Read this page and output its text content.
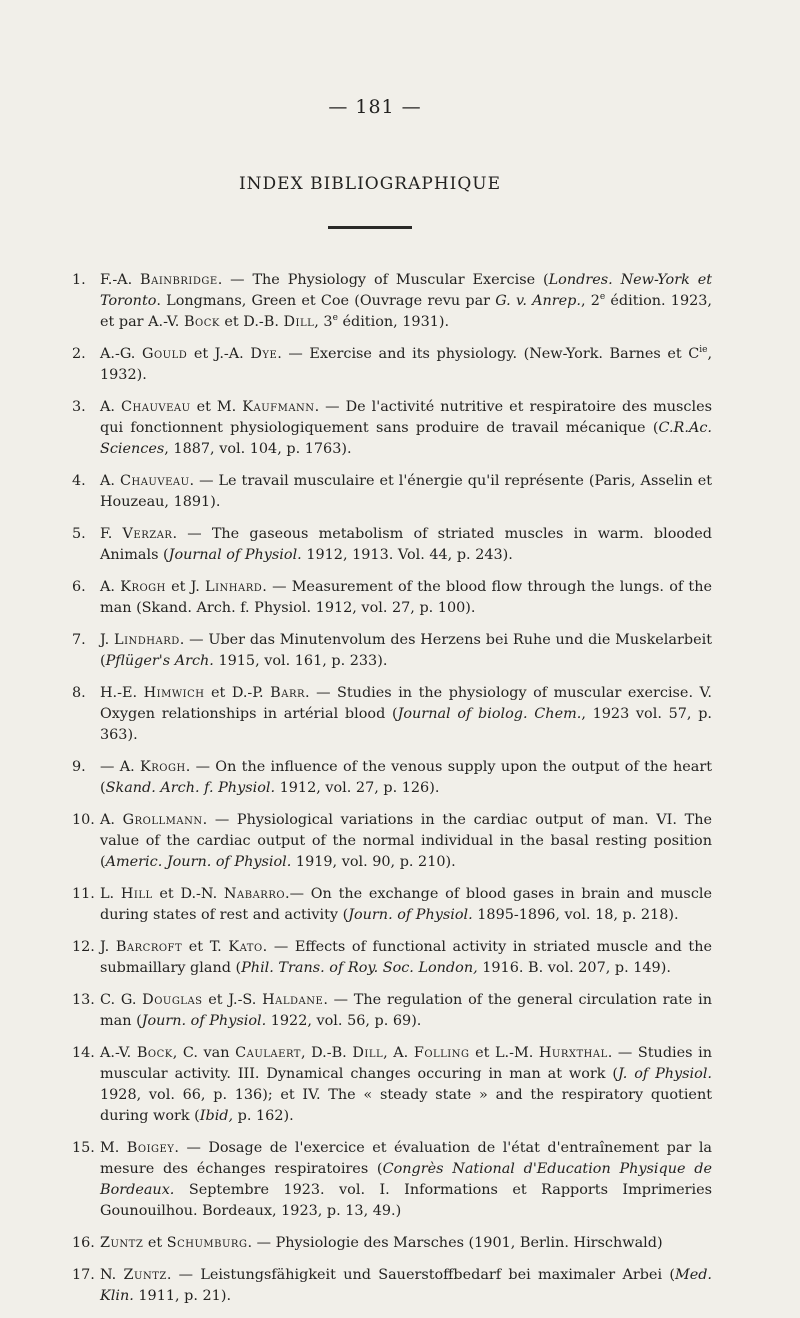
— 181 —
INDEX BIBLIOGRAPHIQUE
1. F.-A. Bainbridge. — The Physiology of Muscular Exercise (Londres. New-York et Toronto. Longmans, Green et Coe (Ouvrage revu par G. v. Anrep., 2e édition. 1923, et par A.-V. Bock et D.-B. Dill, 3e édition, 1931).
2. A.-G. Gould et J.-A. Dye. — Exercise and its physiology. (New-York. Barnes et $C^{ie}$, 1932).
3. A. Chauveau et M. Kaufmann. — De l'activité nutritive et respiratoire des muscles qui fonctionnent physiologiquement sans produire de travail mécanique (C.R.Ac. Sciences, 1887, vol. 104, p. 1763).
4. A. Chauveau. — Le travail musculaire et l'énergie qu'il représente (Paris, Asselin et Houzeau, 1891).
5. F. Verzar. — The gaseous metabolism of striated muscles in warm. blooded Animals (Journal of Physiol. 1912, 1913. Vol. 44, p. 243).
6. A. Krogh et J. Linhard. — Measurement of the blood flow through the lungs. of the man (Skand. Arch. f. Physiol. 1912, vol. 27, p. 100).
7. J. Lindhard. — Uber das Minutenvolum des Herzens bei Ruhe und die Muskelarbeit (Pflüger's Arch. 1915, vol. 161, p. 233).
8. H.-E. Himwich et D.-P. Barr. — Studies in the physiology of muscular exercise. V. Oxygen relationships in artérial blood (Journal of biolog. Chem., 1923 vol. 57, p. 363).
9. — A. Krogh. — On the influence of the venous supply upon the output of the heart (Skand. Arch. f. Physiol. 1912, vol. 27, p. 126).
10. A. Grollmann. — Physiological variations in the cardiac output of man. VI. The value of the cardiac output of the normal individual in the basal resting position (Americ. Journ. of Physiol. 1919, vol. 90, p. 210).
11. L. Hill et D.-N. Nabarro.— On the exchange of blood gases in brain and muscle during states of rest and activity (Journ. of Physiol. 1895-1896, vol. 18, p. 218).
12. J. Barcroft et T. Kato. — Effects of functional activity in striated muscle and the submaillary gland (Phil. Trans. of Roy. Soc. London, 1916. B. vol. 207, p. 149).
13. C. G. Douglas et J.-S. Haldane. — The regulation of the general circulation rate in man (Journ. of Physiol. 1922, vol. 56, p. 69).
14. A.-V. Bock, C. van Caulaert, D.-B. Dill, A. Folling et L.-M. Hurxthal. — Studies in muscular activity. III. Dynamical changes occuring in man at work (J. of Physiol. 1928, vol. 66, p. 136); et IV. The « steady state » and the respiratory quotient during work (Ibid, p. 162).
15. M. Boigey. — Dosage de l'exercice et évaluation de l'état d'entraînement par la mesure des échanges respiratoires (Congrès National d'Education Physique de Bordeaux. Septembre 1923. vol. I. Informations et Rapports Imprimeries Gounouilhou. Bordeaux, 1923, p. 13, 49.)
16. Zuntz et Schumburg. — Physiologie des Marsches (1901, Berlin. Hirschwald)
17. N. Zuntz. — Leistungsfähigkeit und Sauerstoffbedarf bei maximaler Arbei (Med. Klin. 1911, p. 21).
